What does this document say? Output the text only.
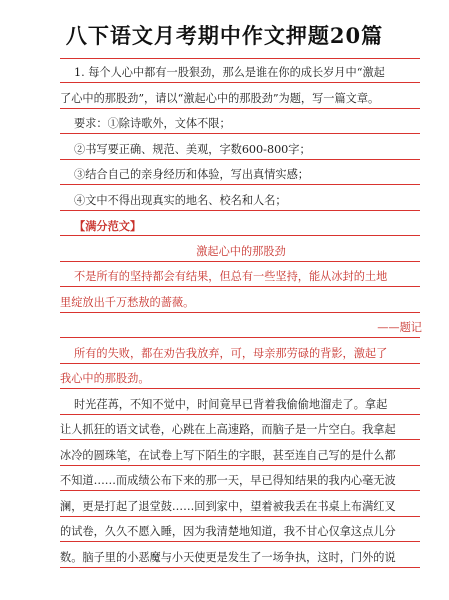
八下语文月考期中作文押题20篇
1. 每个人心中都有一股狠劲，那么是谁在你的成长岁月中“激起
了心中的那股劲”，请以“激起心中的那股劲”为题，写一篇文章。
要求：①除诗歌外，文体不限；
②书写要正确、规范、美观，字数600-800字；
③结合自己的亲身经历和体验，写出真情实感；
④文中不得出现真实的地名、校名和人名；
【满分范文】
激起心中的那股劲
不是所有的坚持都会有结果，但总有一些坚持，能从冰封的土地
里绽放出千万愁敖的蔷薇。
——题记
所有的失败，都在劝告我放弃，可，母亲那劳碌的背影，激起了
我心中的那股劲。
时光荏苒，不知不觉中，时间竟早已背着我偷偷地溜走了。拿起
让人抓狂的语文试卷，心跳在上高速路，而脑子是一片空白。我拿起
冰冷的圆珠笔，在试卷上写下陌生的字眼，甚至连自己写的是什么都
不知道……而成绩公布下来的那一天，早已得知结果的我内心毫无波
澜，更是打起了退堂鼓……回到家中，望着被我丢在书桌上布满红叉
的试卷，久久不愿入睡，因为我清楚地知道，我不甘心仅拿这点儿分
数。脑子里的小恶魔与小天使更是发生了一场争执，这时，门外的说
